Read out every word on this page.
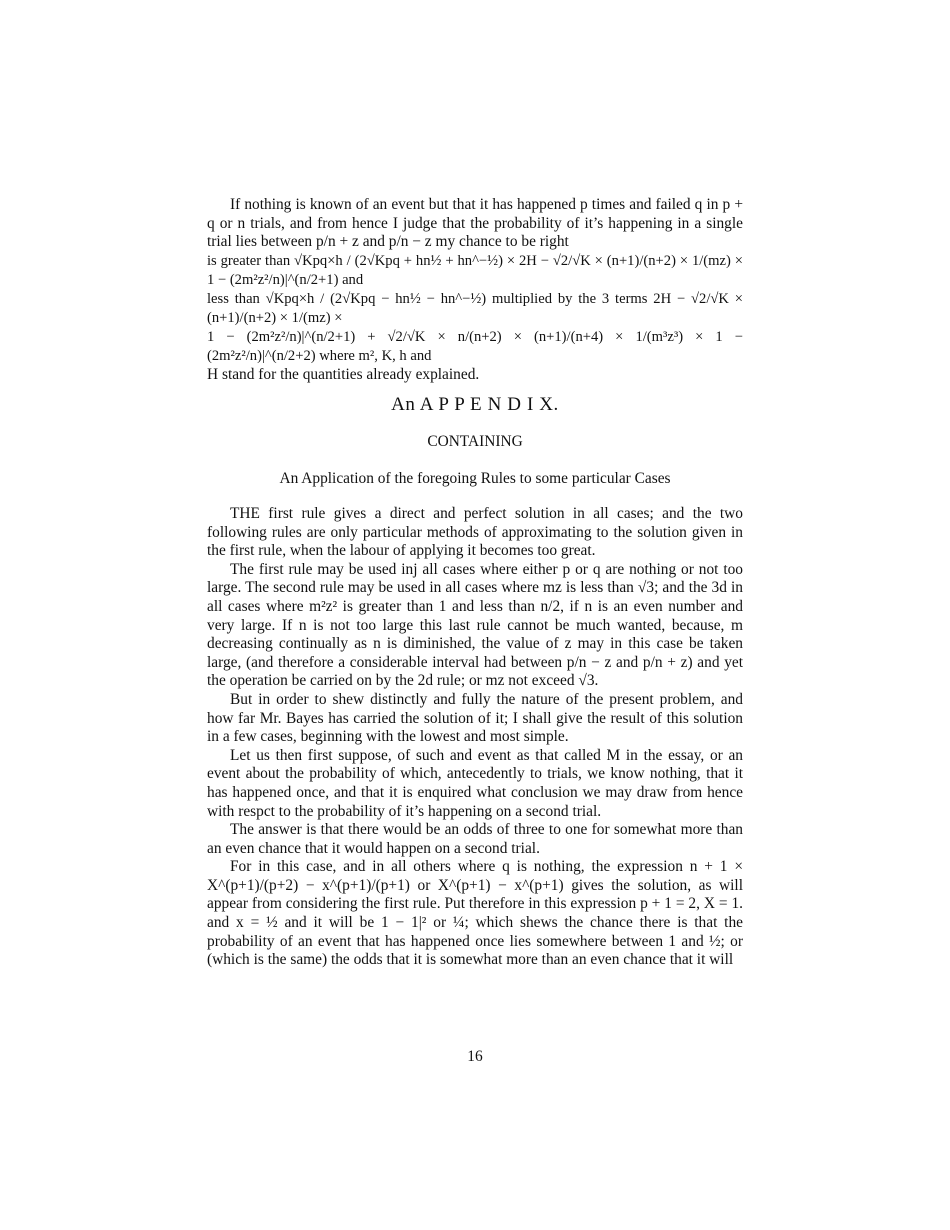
If nothing is known of an event but that it has happened p times and failed q in p + q or n trials, and from hence I judge that the probability of it’s happening in a single trial lies between p/n + z and p/n − z my chance to be right

is greater than √Kpq×h / (2√Kpq + hn½ + hn^−½) × 2H − √2/√K × (n+1)/(n+2) × 1/(mz) × 1 − (2m²z²/n)|^(n/2+1) and

less than √Kpq×h / (2√Kpq − hn½ − hn^−½) multiplied by the 3 terms 2H − √2/√K × (n+1)/(n+2) × 1/(mz) ×

1 − (2m²z²/n)|^(n/2+1) + √2/√K × n/(n+2) × (n+1)/(n+4) × 1/(m³z³) × 1 − (2m²z²/n)|^(n/2+2) where m², K, h and

H stand for the quantities already explained.

An A P P E N D I X.
CONTAINING
An Application of the foregoing Rules to some particular Cases

THE first rule gives a direct and perfect solution in all cases; and the two following rules are only particular methods of approximating to the solution given in the first rule, when the labour of applying it becomes too great.

The first rule may be used inj all cases where either p or q are nothing or not too large. The second rule may be used in all cases where mz is less than √3; and the 3d in all cases where m²z² is greater than 1 and less than n/2, if n is an even number and very large. If n is not too large this last rule cannot be much wanted, because, m decreasing continually as n is diminished, the value of z may in this case be taken large, (and therefore a considerable interval had between p/n − z and p/n + z) and yet the operation be carried on by the 2d rule; or mz not exceed √3.

But in order to shew distinctly and fully the nature of the present problem, and how far Mr. Bayes has carried the solution of it; I shall give the result of this solution in a few cases, beginning with the lowest and most simple.

Let us then first suppose, of such and event as that called M in the essay, or an event about the probability of which, antecedently to trials, we know nothing, that it has happened once, and that it is enquired what conclusion we may draw from hence with respct to the probability of it’s happening on a second trial.

The answer is that there would be an odds of three to one for somewhat more than an even chance that it would happen on a second trial.

For in this case, and in all others where q is nothing, the expression n + 1 × X^(p+1)/(p+2) − x^(p+1)/(p+1) or X^(p+1) − x^(p+1) gives the solution, as will appear from considering the first rule. Put therefore in this expression p + 1 = 2, X = 1. and x = ½ and it will be 1 − 1|² or ¼; which shews the chance there is that the probability of an event that has happened once lies somewhere between 1 and ½; or (which is the same) the odds that it is somewhat more than an even chance that it will

16
